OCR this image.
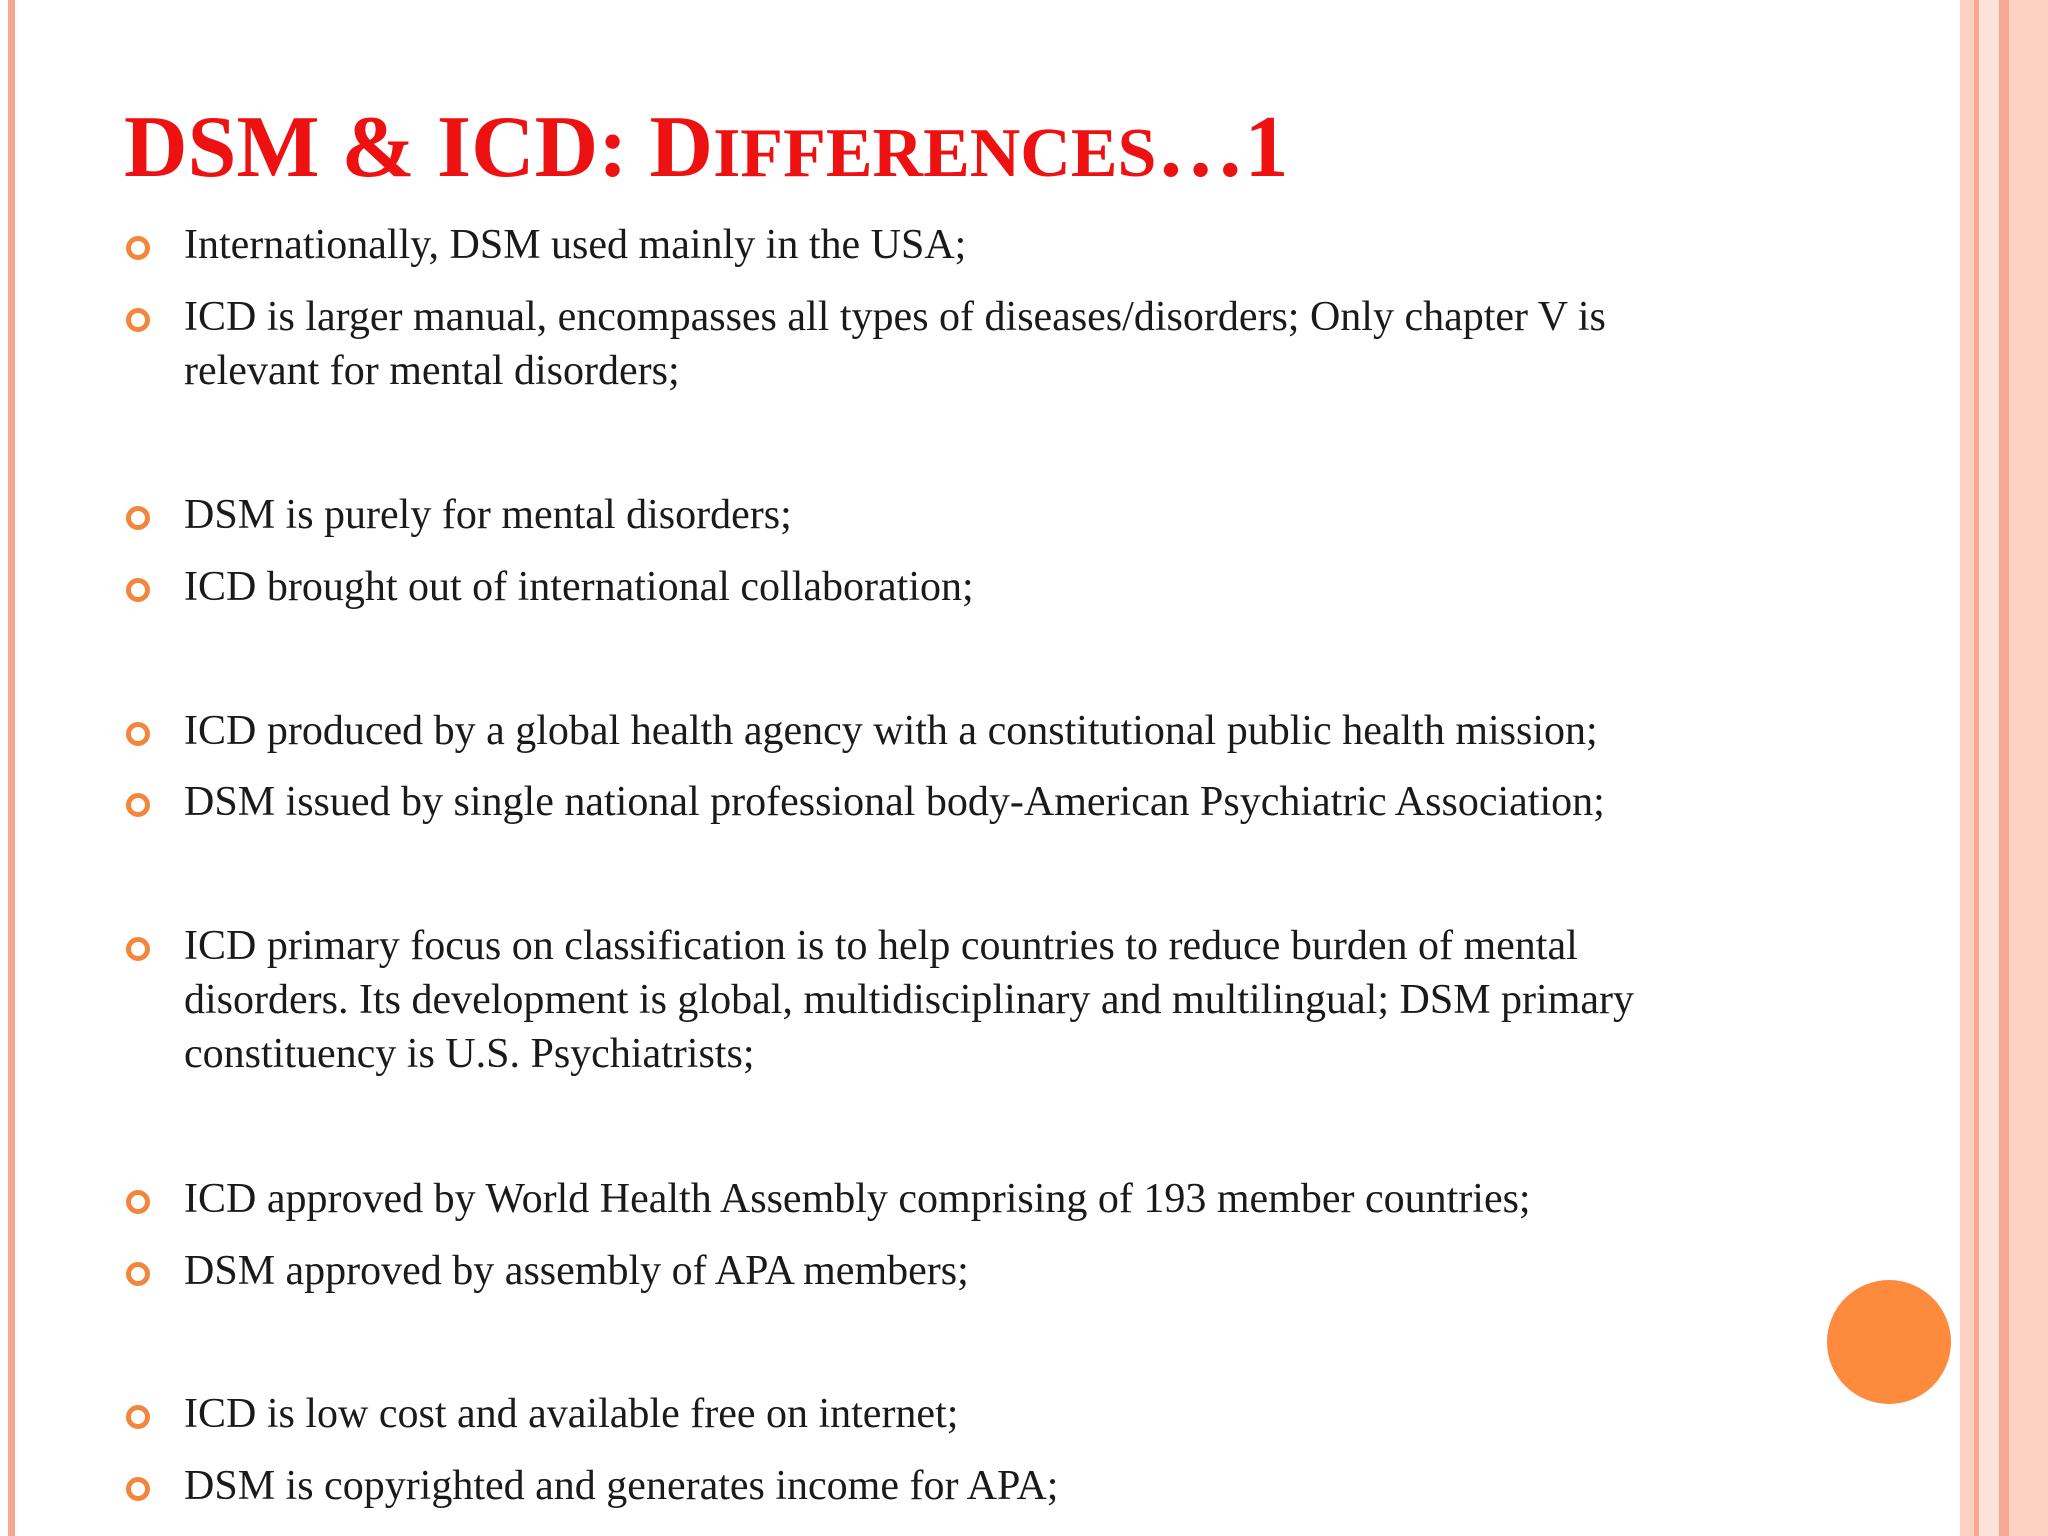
DSM & ICD: DIFFERENCES…1
Internationally, DSM used mainly in the USA;
ICD is larger manual, encompasses all types of diseases/disorders; Only chapter V is relevant for mental disorders;
DSM is purely for mental disorders;
ICD brought out of international collaboration;
ICD produced by a global health agency with a constitutional public health mission;
DSM issued by single national professional body-American Psychiatric Association;
ICD primary focus on classification is to help countries to reduce burden of mental disorders. Its development is global, multidisciplinary and multilingual; DSM primary constituency is U.S. Psychiatrists;
ICD approved by World Health Assembly comprising of 193 member countries;
DSM approved by assembly of APA members;
ICD is low cost and available free on internet;
DSM is copyrighted and generates income for APA;
